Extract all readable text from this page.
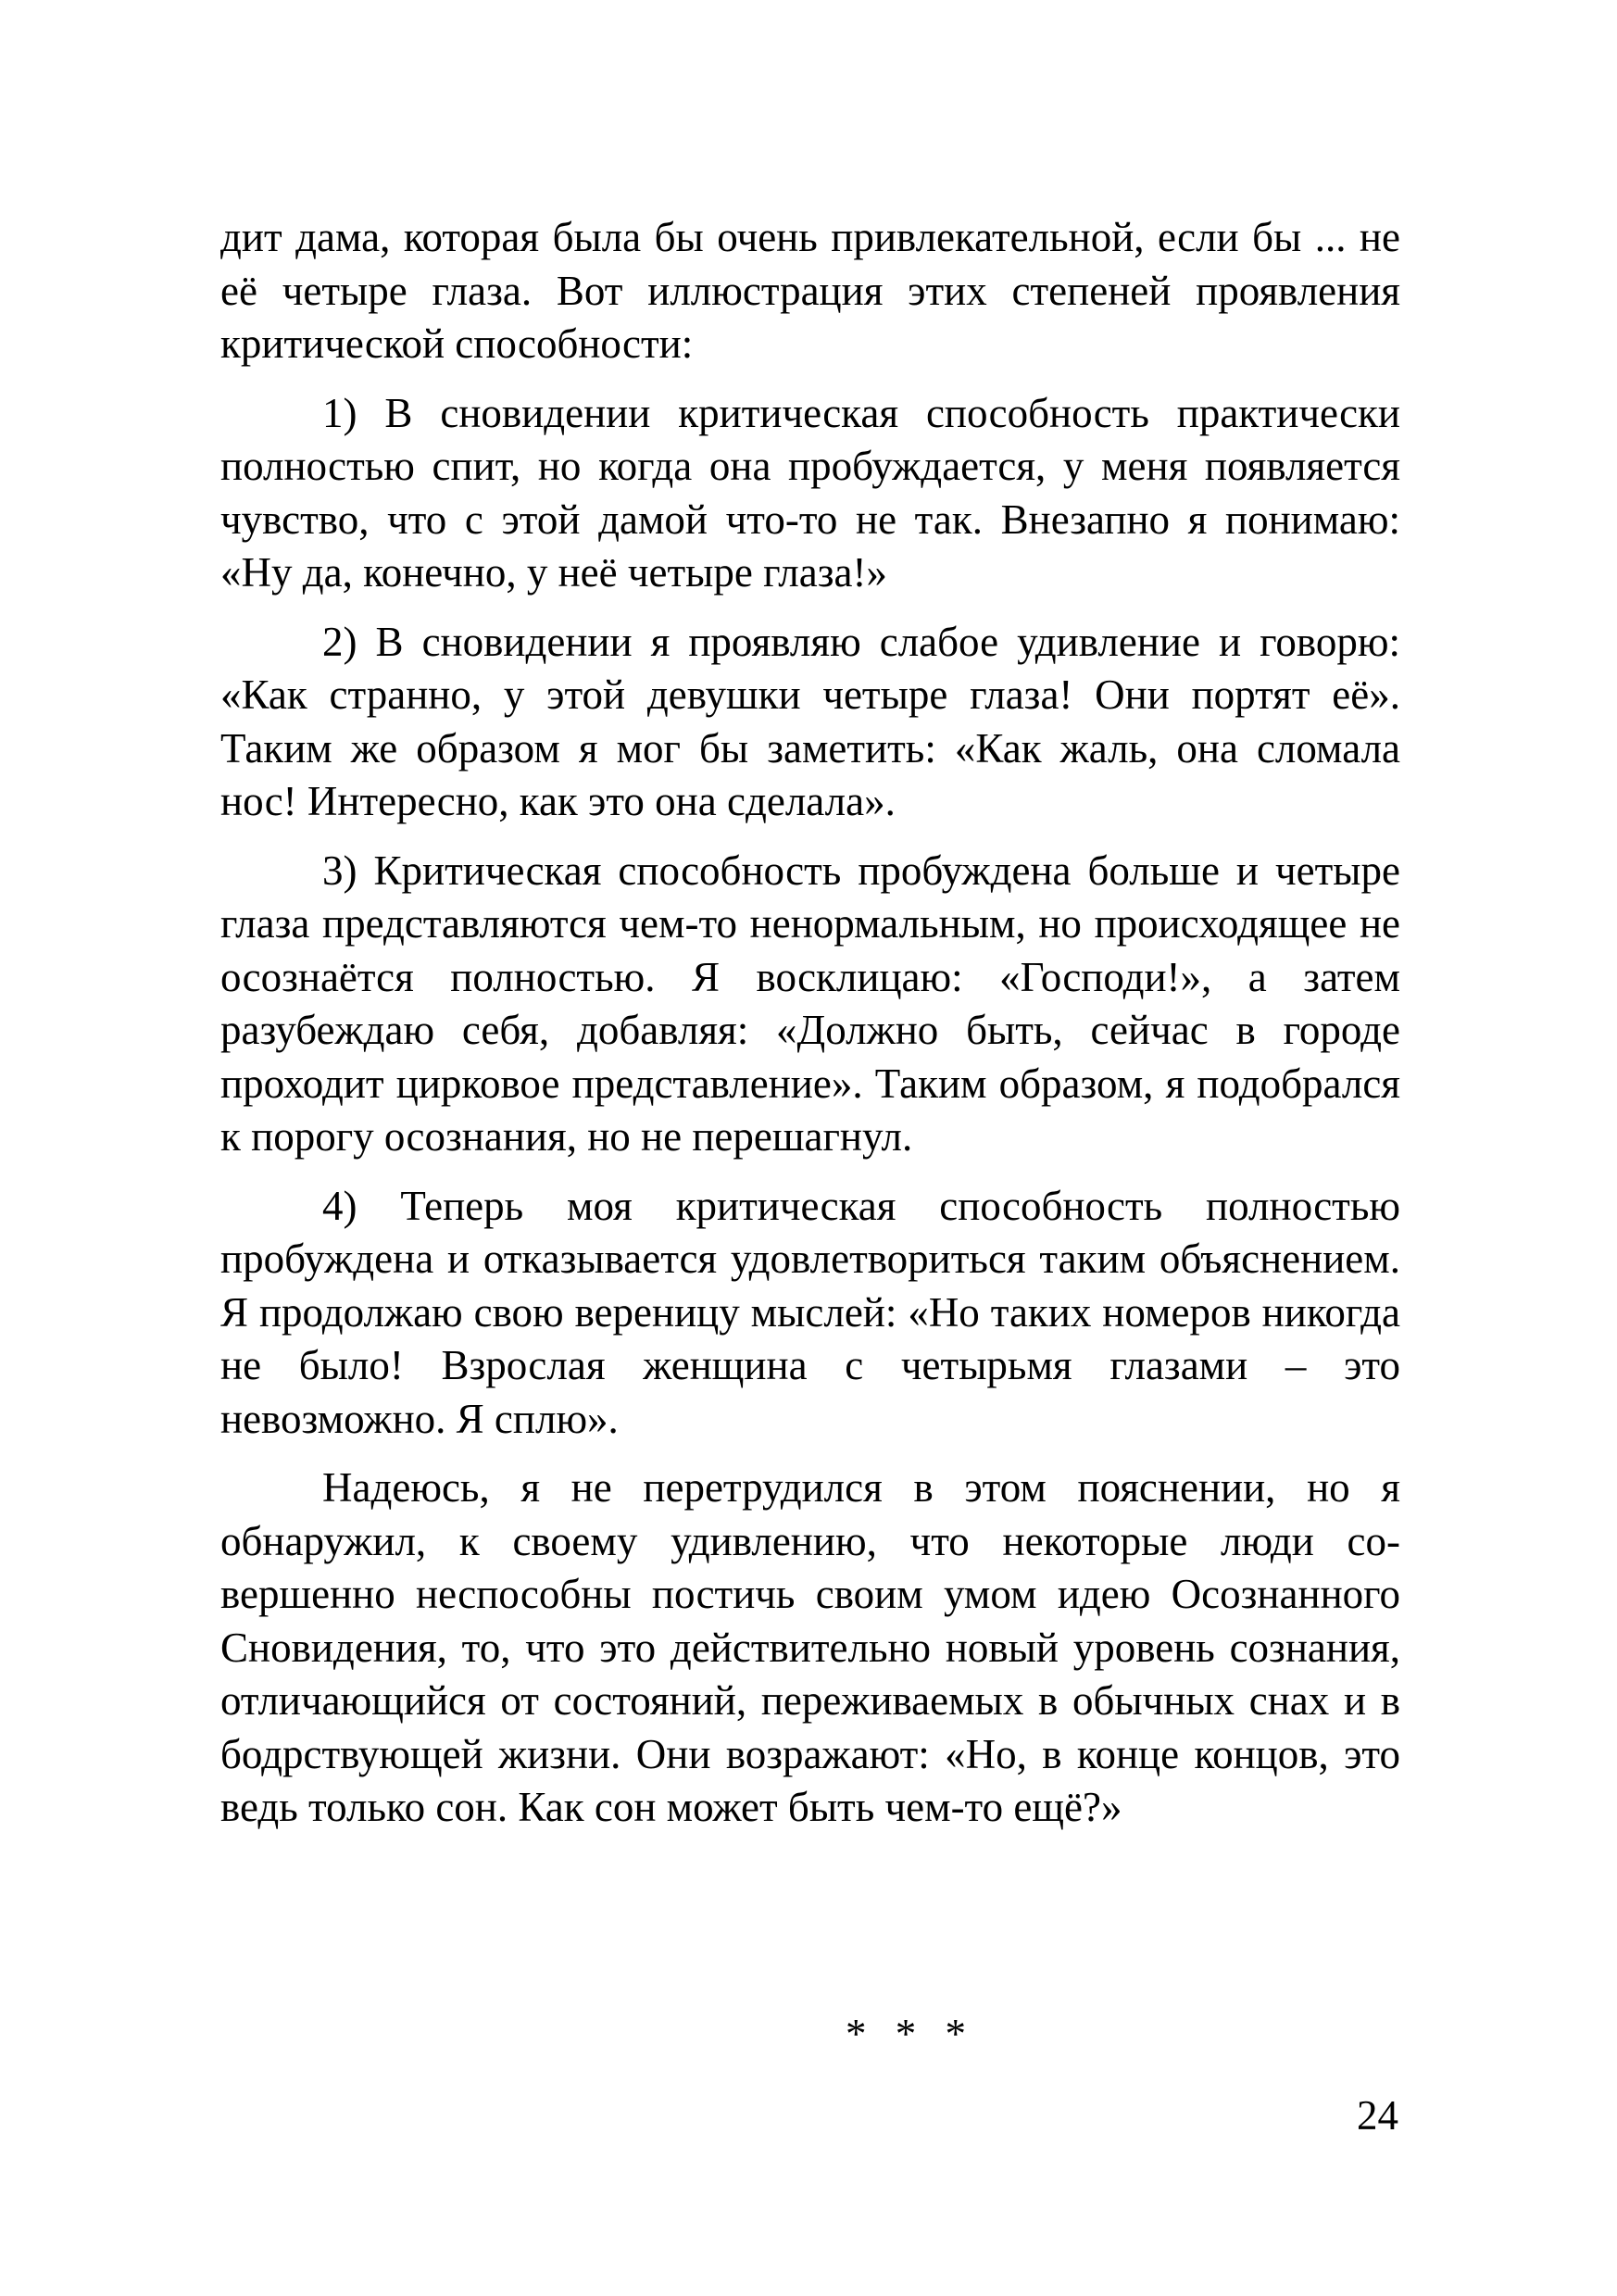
дит дама, которая была бы очень привлекательной, если бы ... не её четыре глаза. Вот иллюстрация этих степеней проявления критической способности:

1) В сновидении критическая способность практически полностью спит, но когда она пробуждается, у меня появляется чувство, что с этой дамой что-то не так. Внезапно я понимаю: «Ну да, конечно, у неё четыре глаза!»

2) В сновидении я проявляю слабое удивление и говорю: «Как странно, у этой девушки четыре глаза! Они портят её». Таким же образом я мог бы заметить: «Как жаль, она сломала нос! Интересно, как это она сделала».

3) Критическая способность пробуждена больше и четыре глаза представляются чем-то ненормальным, но происходящее не осознаётся полностью. Я восклицаю: «Господи!», а затем разубеждаю себя, добавляя: «Должно быть, сейчас в городе проходит цирковое представление». Таким образом, я подобрался к порогу осознания, но не перешагнул.

4) Теперь моя критическая способность полностью пробуждена и отказывается удовлетвориться таким объяснением. Я продолжаю свою вереницу мыслей: «Но таких номеров никогда не было! Взрослая женщина с четырьмя глазами – это невозможно. Я сплю».

Надеюсь, я не перетрудился в этом пояснении, но я обнаружил, к своему удивлению, что некоторые люди совершенно неспособны постичь своим умом идею Осознанного Сновидения, то, что это действительно новый уровень сознания, отличающийся от состояний, переживаемых в обычных снах и в бодрствующей жизни. Они возражают: «Но, в конце концов, это ведь только сон. Как сон может быть чем-то ещё?»

* * *
24
